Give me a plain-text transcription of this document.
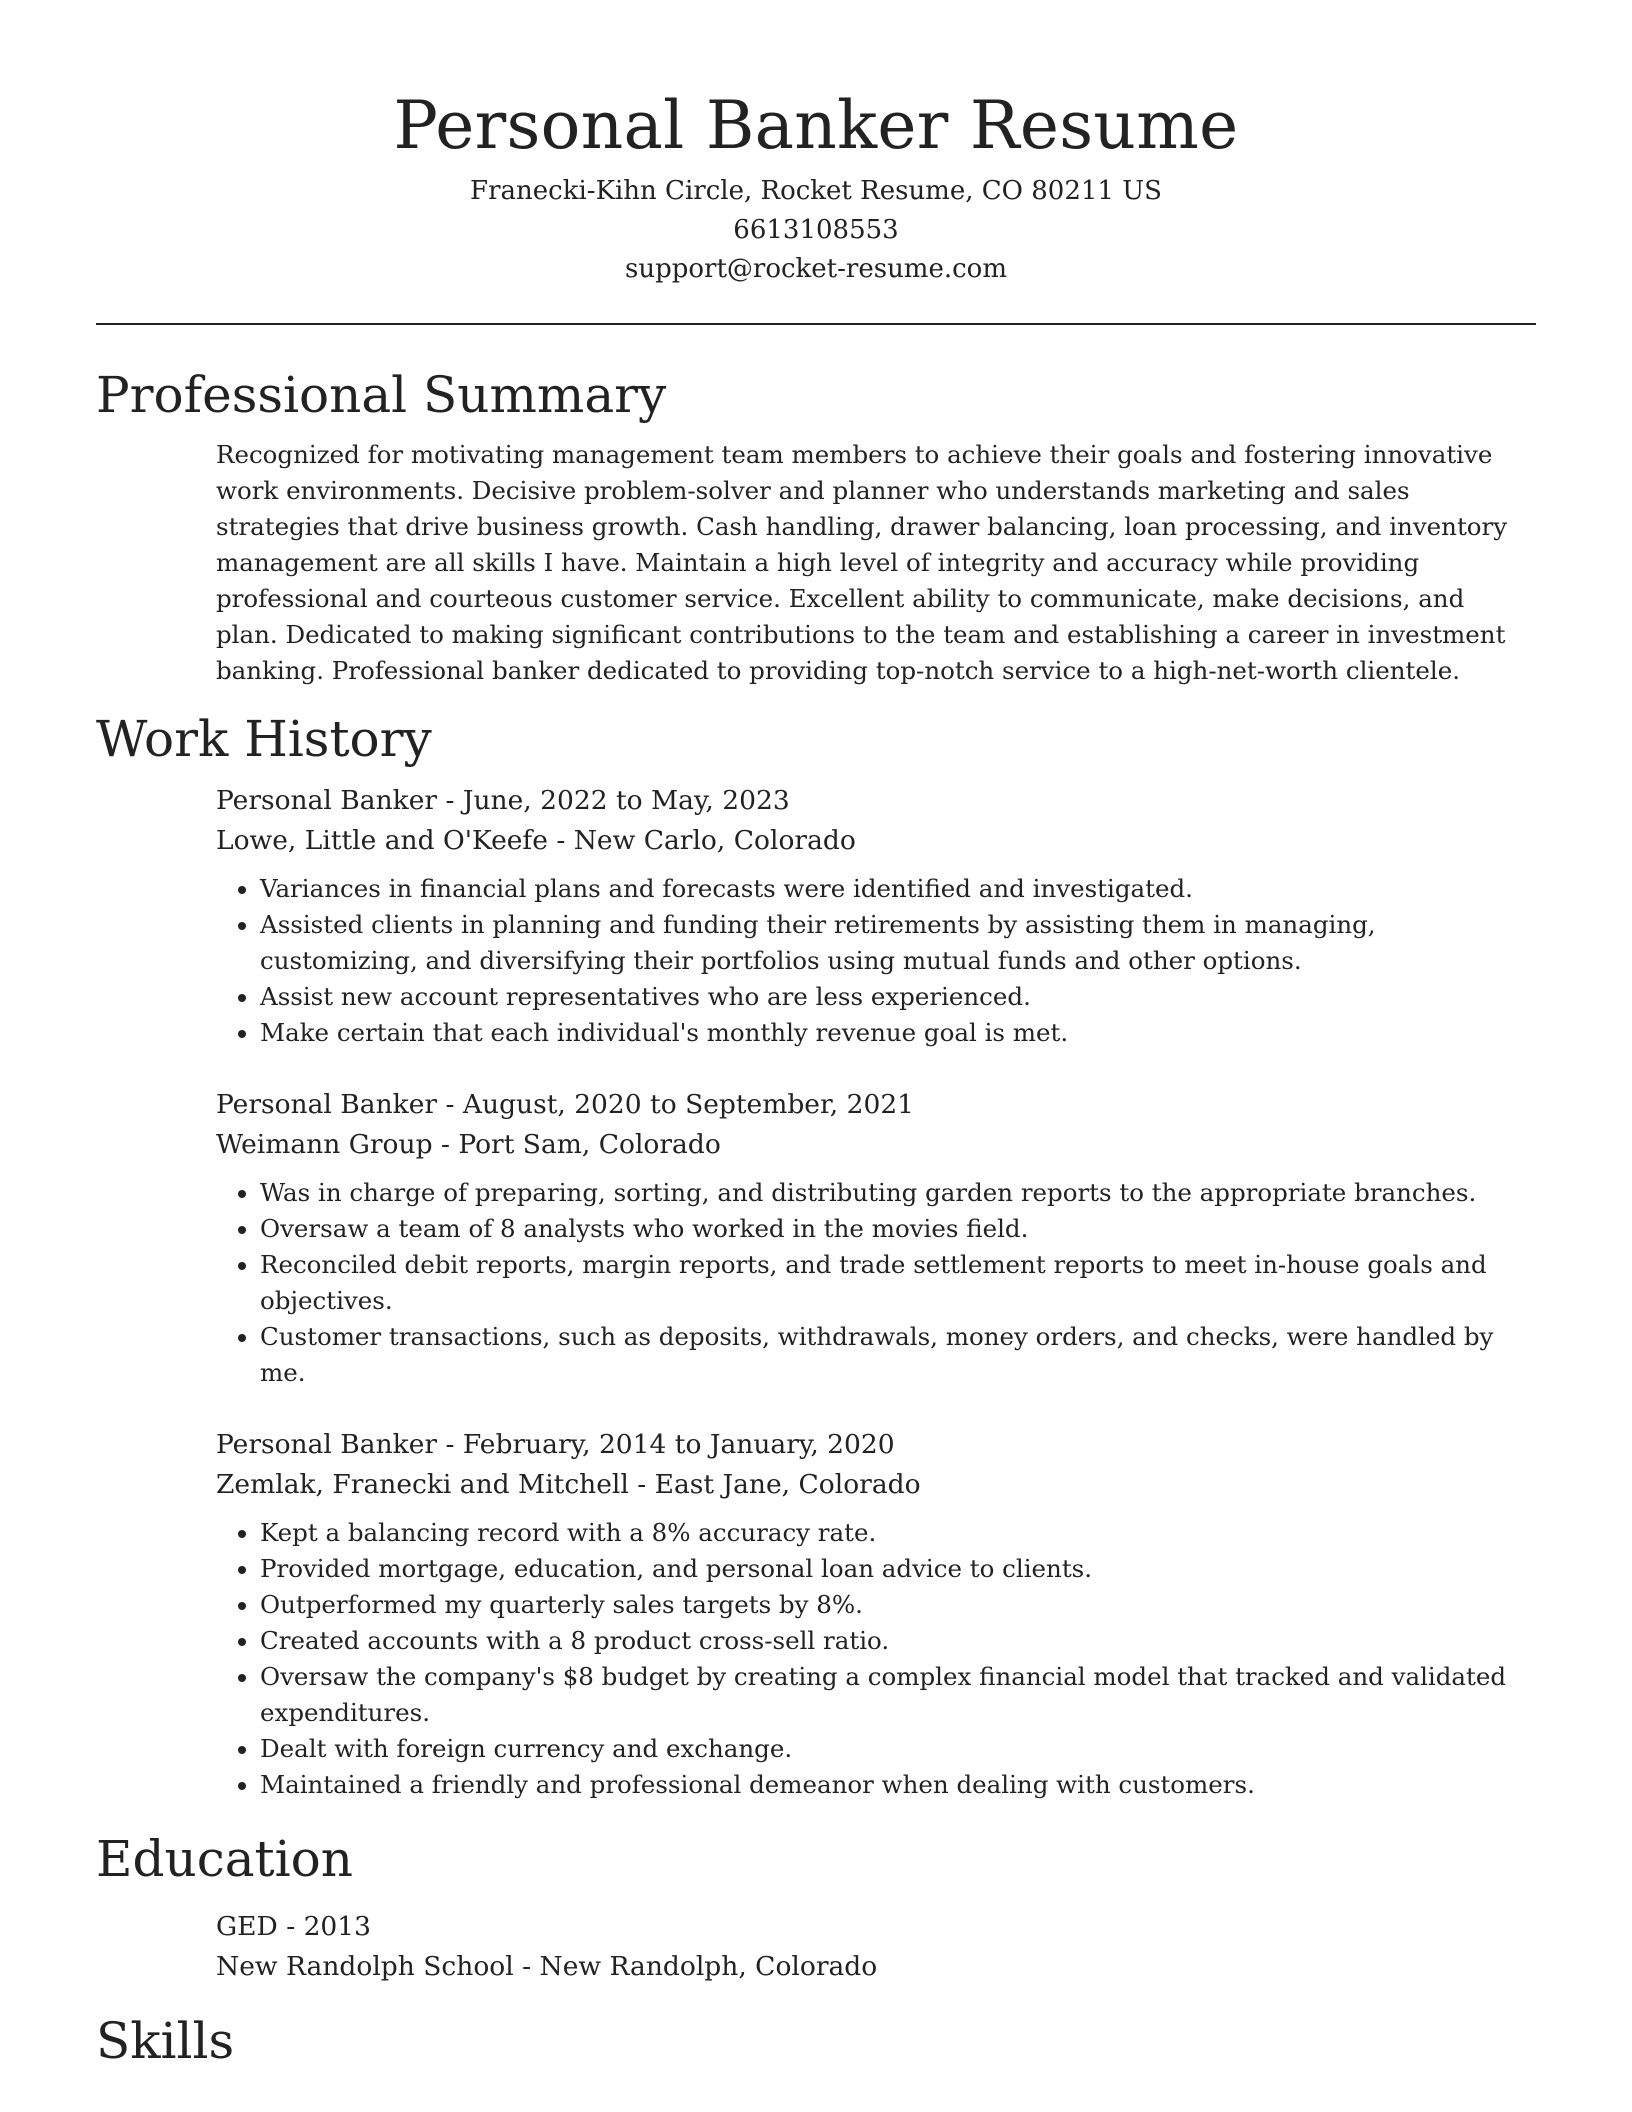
Personal Banker Resume
Franecki-Kihn Circle, Rocket Resume, CO 80211 US
6613108553
support@rocket-resume.com
Professional Summary
Recognized for motivating management team members to achieve their goals and fostering innovative work environments. Decisive problem-solver and planner who understands marketing and sales strategies that drive business growth. Cash handling, drawer balancing, loan processing, and inventory management are all skills I have. Maintain a high level of integrity and accuracy while providing professional and courteous customer service. Excellent ability to communicate, make decisions, and plan. Dedicated to making significant contributions to the team and establishing a career in investment banking. Professional banker dedicated to providing top-notch service to a high-net-worth clientele.
Work History
Personal Banker - June, 2022 to May, 2023
Lowe, Little and O'Keefe - New Carlo, Colorado
• Variances in financial plans and forecasts were identified and investigated.
• Assisted clients in planning and funding their retirements by assisting them in managing, customizing, and diversifying their portfolios using mutual funds and other options.
• Assist new account representatives who are less experienced.
• Make certain that each individual's monthly revenue goal is met.
Personal Banker - August, 2020 to September, 2021
Weimann Group - Port Sam, Colorado
• Was in charge of preparing, sorting, and distributing garden reports to the appropriate branches.
• Oversaw a team of 8 analysts who worked in the movies field.
• Reconciled debit reports, margin reports, and trade settlement reports to meet in-house goals and objectives.
• Customer transactions, such as deposits, withdrawals, money orders, and checks, were handled by me.
Personal Banker - February, 2014 to January, 2020
Zemlak, Franecki and Mitchell - East Jane, Colorado
• Kept a balancing record with a 8% accuracy rate.
• Provided mortgage, education, and personal loan advice to clients.
• Outperformed my quarterly sales targets by 8%.
• Created accounts with a 8 product cross-sell ratio.
• Oversaw the company's $8 budget by creating a complex financial model that tracked and validated expenditures.
• Dealt with foreign currency and exchange.
• Maintained a friendly and professional demeanor when dealing with customers.
Education
GED - 2013
New Randolph School - New Randolph, Colorado
Skills
